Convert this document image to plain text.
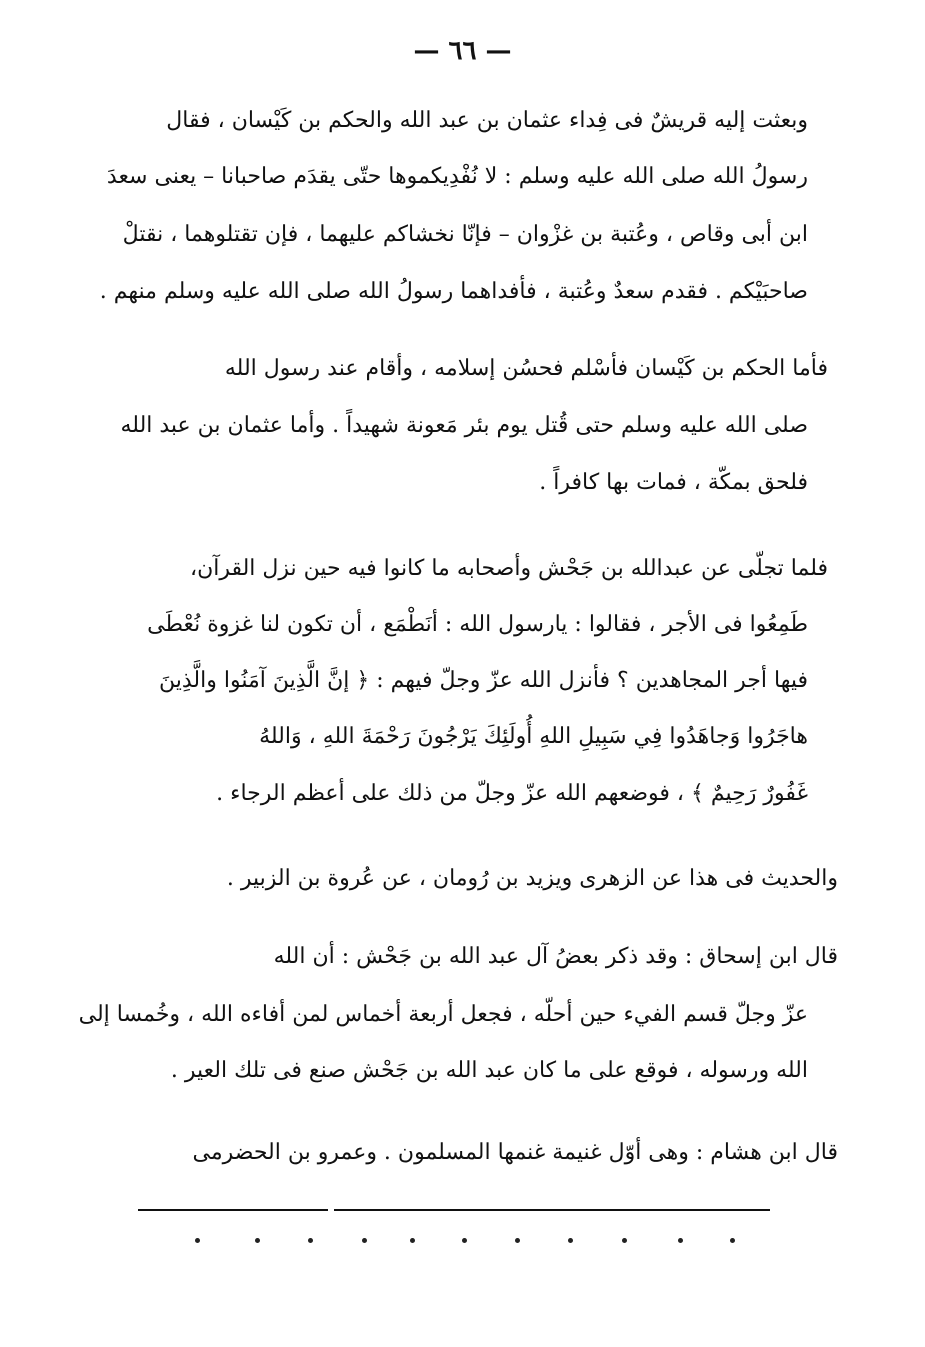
— ٦٦ —
وبعثت إليه قريشٌ فى فِداء عثمان بن عبد الله والحكم بن كَيْسان ، فقال
رسولُ الله صلى الله عليه وسلم : لا نُفْدِيكموها حتّى يقدَم صاحبانا – يعنى سعدَ
ابن أبى وقاص ، وعُتبة بن غزْوان – فإنّا نخشاكم عليهما ، فإن تقتلوهما ، نقتلْ
صاحبَيْكم . فقدم سعدٌ وعُتبة ، فأفداهما رسولُ الله صلى الله عليه وسلم منهم .
فأما الحكم بن كَيْسان فأسْلم فحسُن إسلامه ، وأقام عند رسول الله
صلى الله عليه وسلم حتى قُتل يوم بئر مَعونة شهيداً . وأما عثمان بن عبد الله
فلحق بمكّة ، فمات بها كافراً .
فلما تجلّى عن عبدالله بن جَحْش وأصحابه ما كانوا فيه حين نزل القرآن،
طَمِعُوا فى الأجر ، فقالوا : يارسول الله : أنَطْمَع ، أن تكون لنا غزوة نُعْطَى
فيها أجر المجاهدين ؟ فأنزل الله عزّ وجلّ فيهم : ﴿ إنَّ الَّذِينَ آمَنُوا والَّذِينَ
هاجَرُوا وَجاهَدُوا فِي سَبِيلِ اللهِ أُولَئِكَ يَرْجُونَ رَحْمَةَ اللهِ ، وَاللهُ
غَفُورٌ رَحِيمٌ ﴾ ، فوضعهم الله عزّ وجلّ من ذلك على أعظم الرجاء .
والحديث فى هذا عن الزهرى ويزيد بن رُومان ، عن عُروة بن الزبير .
قال ابن إسحاق : وقد ذكر بعضُ آل عبد الله بن جَحْش : أن الله
عزّ وجلّ قسم الفيء حين أحلّه ، فجعل أربعة أخماس لمن أفاءه الله ، وخُمسا إلى
الله ورسوله ، فوقع على ما كان عبد الله بن جَحْش صنع فى تلك العير .
قال ابن هشام : وهى أوّل غنيمة غنمها المسلمون . وعمرو بن الحضرمى
